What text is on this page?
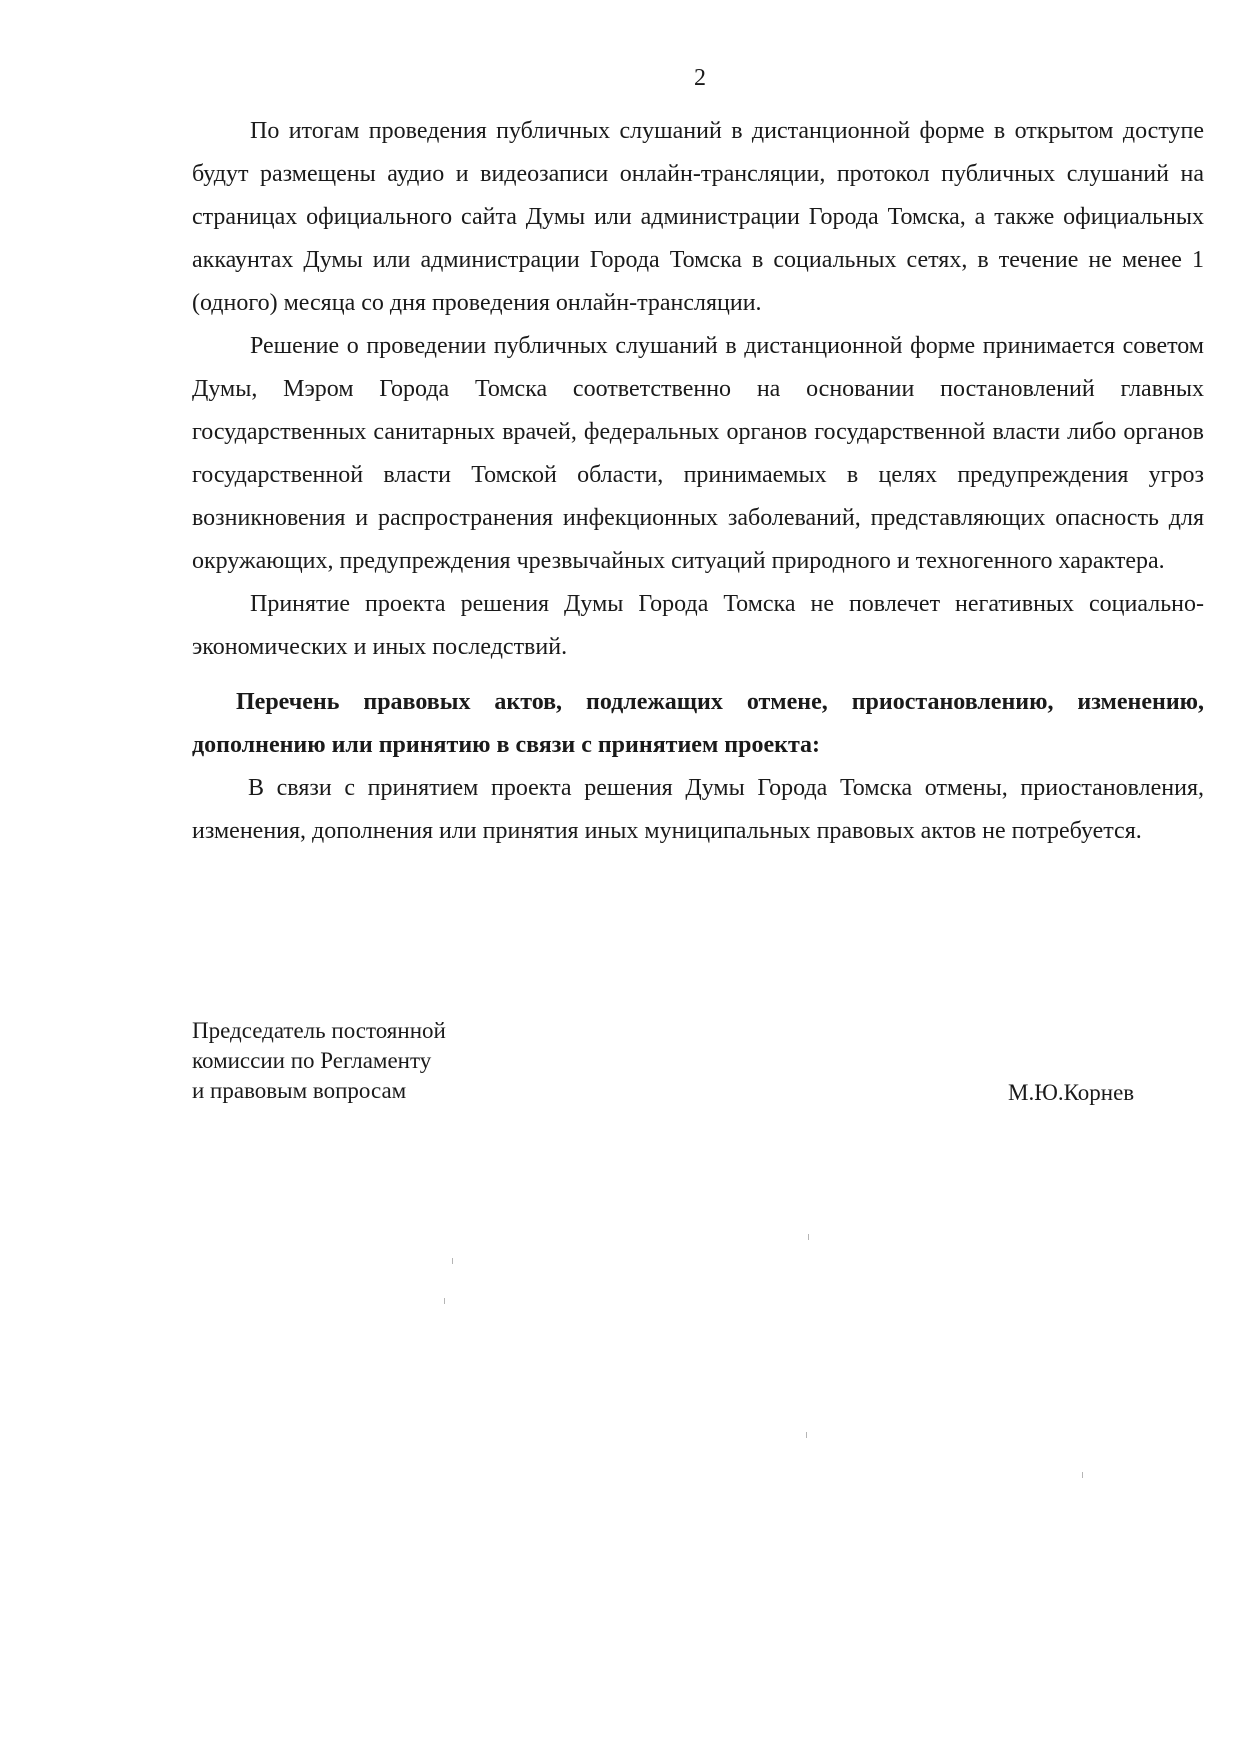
2

По итогам проведения публичных слушаний в дистанционной форме в открытом доступе будут размещены аудио и видеозаписи онлайн-трансляции, протокол публичных слушаний на страницах официального сайта Думы или администрации Города Томска, а также официальных аккаунтах Думы или администрации Города Томска в социальных сетях, в течение не менее 1 (одного) месяца со дня проведения онлайн-трансляции.

Решение о проведении публичных слушаний в дистанционной форме принимается советом Думы, Мэром Города Томска соответственно на основании постановлений главных государственных санитарных врачей, федеральных органов государственной власти либо органов государственной власти Томской области, принимаемых в целях предупреждения угроз возникновения и распространения инфекционных заболеваний, представляющих опасность для окружающих, предупреждения чрезвычайных ситуаций природного и техногенного характера.

Принятие проекта решения Думы Города Томска не повлечет негативных социально-экономических и иных последствий.

Перечень правовых актов, подлежащих отмене, приостановлению, изменению, дополнению или принятию в связи с принятием проекта:

В связи с принятием проекта решения Думы Города Томска отмены, приостановления, изменения, дополнения или принятия иных муниципальных правовых актов не потребуется.

Председатель постоянной
комиссии по Регламенту
и правовым вопросам	М.Ю.Корнев
